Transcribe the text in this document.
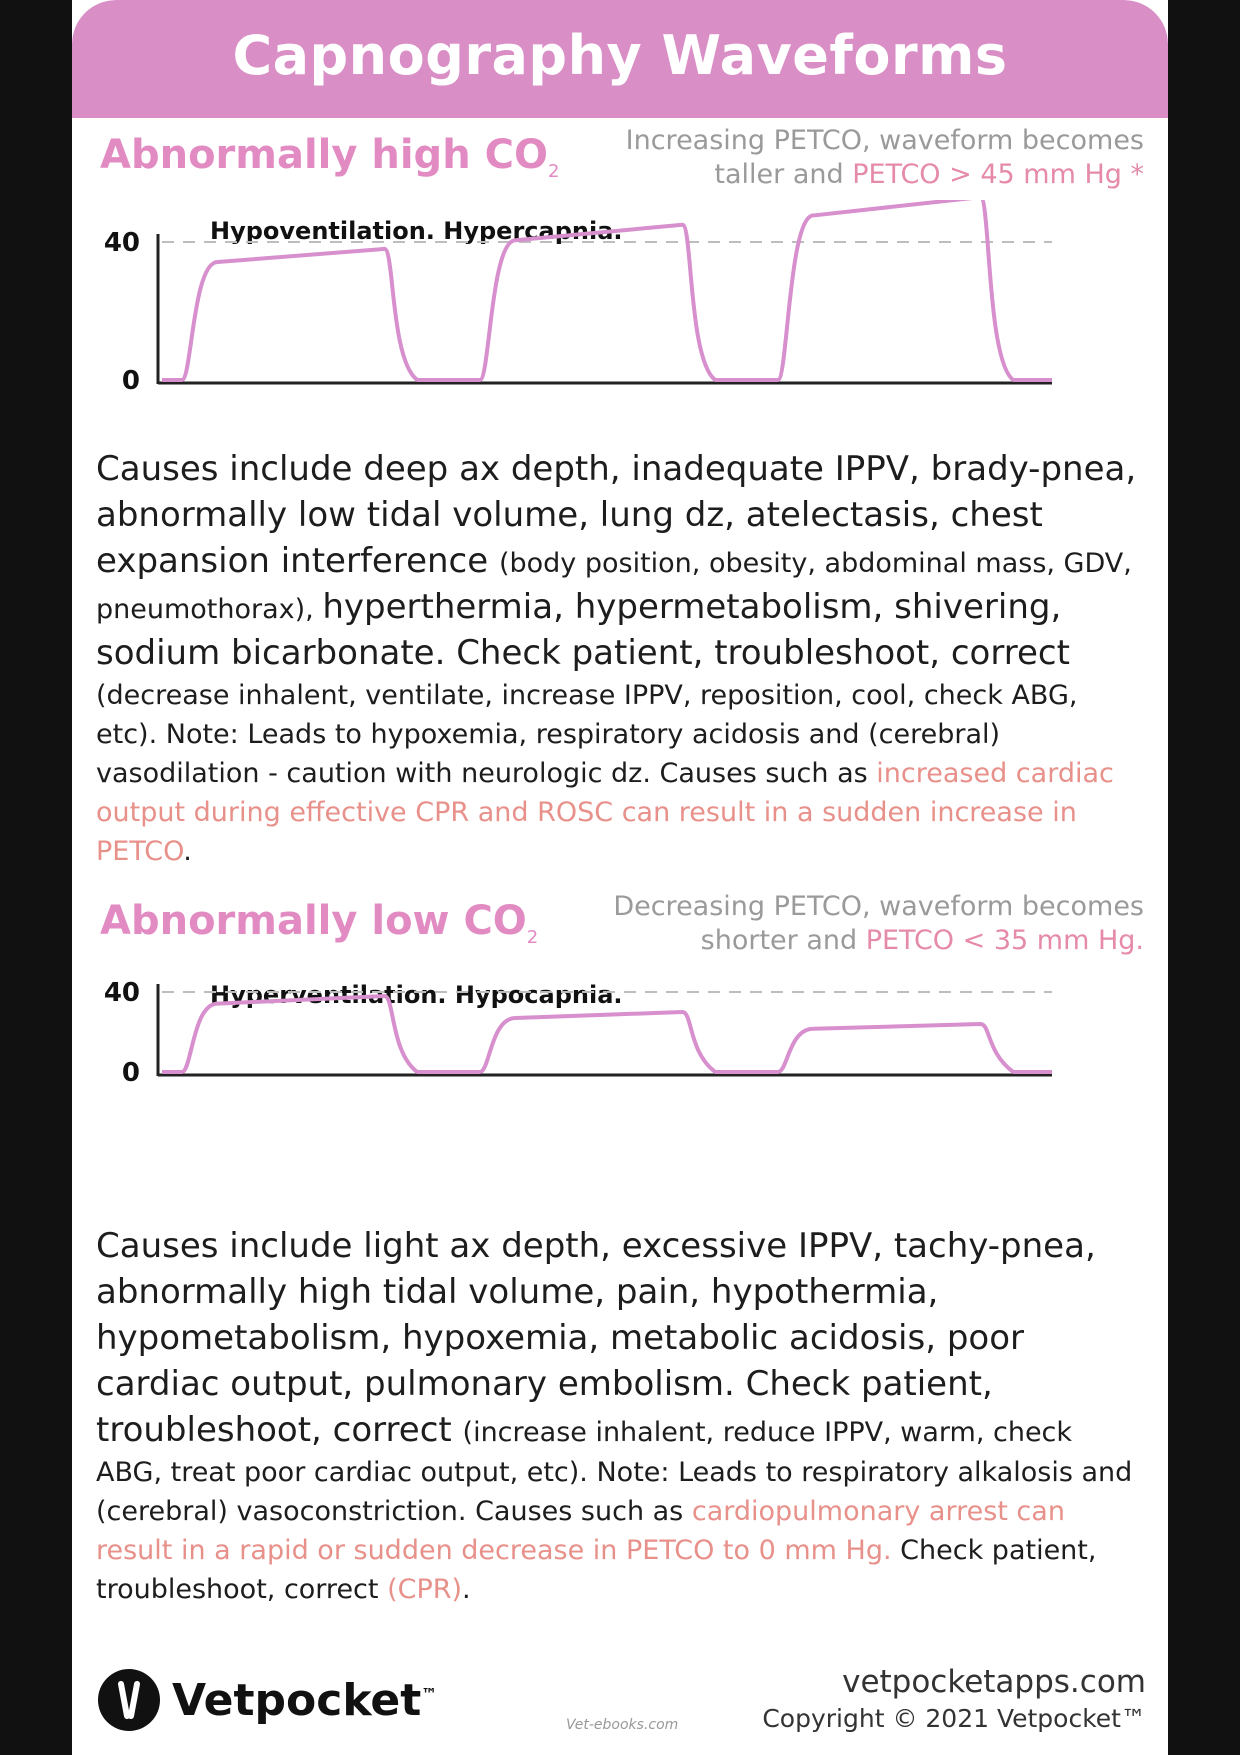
Capnography Waveforms
Abnormally high $CO_2$
Increasing PETCO, waveform becomes
taller and PETCO > 45 mm Hg *
Hypoventilation. Hypercapnia.
0
40
Causes include deep ax depth, inadequate IPPV, brady-pnea, abnormally low tidal volume, lung dz, atelectasis, chest expansion interference (body position, obesity, abdominal mass, GDV, pneumothorax), hyperthermia, hypermetabolism, shivering, sodium bicarbonate. Check patient, troubleshoot, correct (decrease inhalent, ventilate, increase IPPV, reposition, cool, check ABG, etc). Note: Leads to hypoxemia, respiratory acidosis and (cerebral) vasodilation - caution with neurologic dz. Causes such as increased cardiac output during effective CPR and ROSC can result in a sudden increase in PETCO.
Abnormally low $CO_2$
Decreasing PETCO, waveform becomes
shorter and PETCO < 35 mm Hg.
Hyperventilation. Hypocapnia.
0
40
Causes include light ax depth, excessive IPPV, tachy-pnea, abnormally high tidal volume, pain, hypothermia, hypometabolism, hypoxemia, metabolic acidosis, poor cardiac output, pulmonary embolism. Check patient, troubleshoot, correct (increase inhalent, reduce IPPV, warm, check ABG, treat poor cardiac output, etc). Note: Leads to respiratory alkalosis and (cerebral) vasoconstriction. Causes such as cardiopulmonary arrest can result in a rapid or sudden decrease in PETCO to 0 mm Hg. Check patient, troubleshoot, correct (CPR).
Vetpocket™
Vet-ebooks.com
vetpocketapps.com
Copyright © 2021 Vetpocket™
